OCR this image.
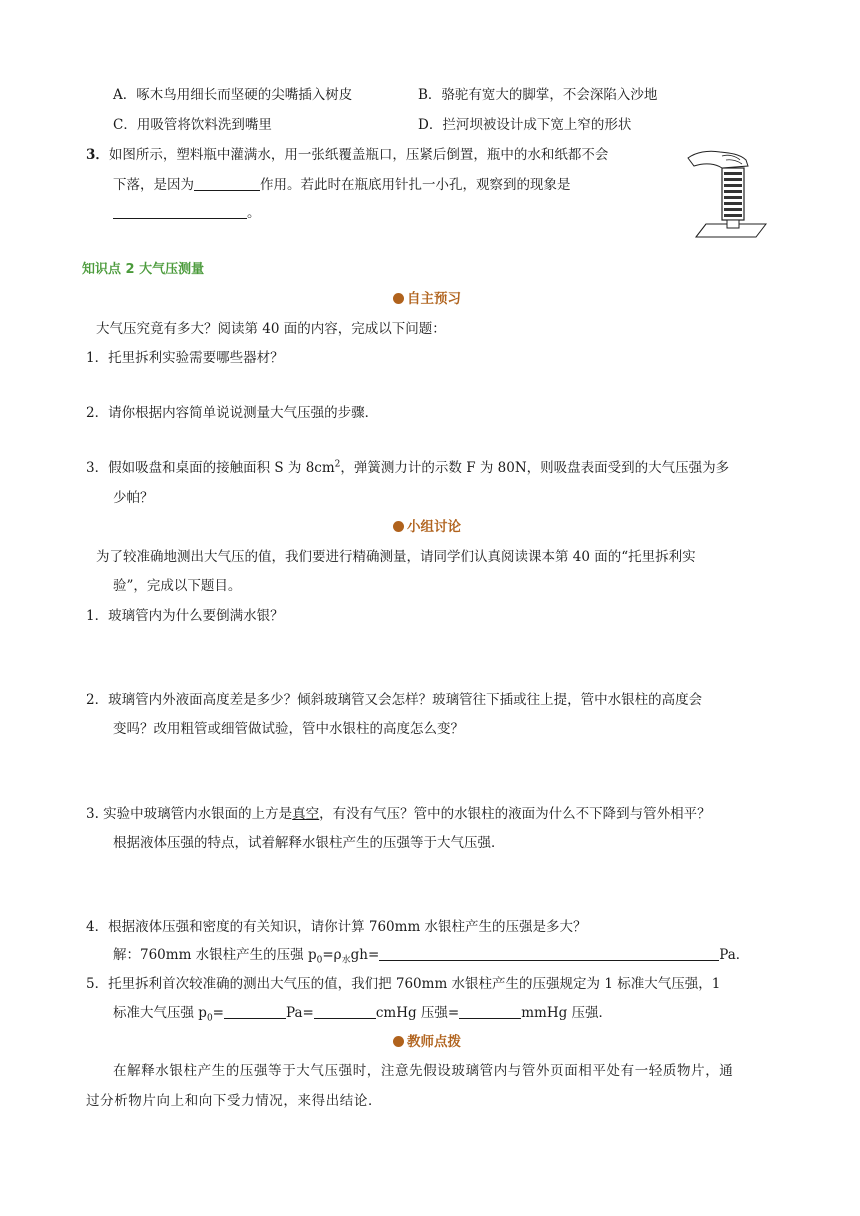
A．啄木鸟用细长而坚硬的尖嘴插入树皮	B．骆驼有宽大的脚掌，不会深陷入沙地
C．用吸管将饮料洗到嘴里	D．拦河坝被设计成下宽上窄的形状
3．如图所示，塑料瓶中灌满水，用一张纸覆盖瓶口，压紧后倒置，瓶中的水和纸都不会
下落，是因为	作用。若此时在瓶底用针扎一小孔，观察到的现象是
。
知识点 2 大气压测量
自主预习
大气压究竟有多大？阅读第 40 面的内容，完成以下问题：
1．托里拆利实验需要哪些器材？
2．请你根据内容简单说说测量大气压强的步骤．
3．假如吸盘和桌面的接触面积 S 为 $8cm^2$，弹簧测力计的示数 F 为 80N，则吸盘表面受到的大气压强为多
少帕？
小组讨论
为了较准确地测出大气压的值，我们要进行精确测量，请同学们认真阅读课本第 40 面的“托里拆利实
验”，完成以下题目。
1．玻璃管内为什么要倒满水银？
2．玻璃管内外液面高度差是多少？倾斜玻璃管又会怎样？玻璃管往下插或往上提，管中水银柱的高度会
变吗？改用粗管或细管做试验，管中水银柱的高度怎么变？
3. 实验中玻璃管内水银面的上方是真空，有没有气压？管中的水银柱的液面为什么不下降到与管外相平？
根据液体压强的特点，试着解释水银柱产生的压强等于大气压强．
4．根据液体压强和密度的有关知识，请你计算 760mm 水银柱产生的压强是多大？
解：760mm 水银柱产生的压强 $p_0=\rho_水gh=$	Pa．
5．托里拆利首次较准确的测出大气压的值，我们把 760mm 水银柱产生的压强规定为 1 标准大气压强，1
标准大气压强 $p_0=$	Pa=	cmHg 压强=	mmHg 压强．
教师点拨
在解释水银柱产生的压强等于大气压强时，注意先假设玻璃管内与管外页面相平处有一轻质物片，通
过分析物片向上和向下受力情况，来得出结论．
